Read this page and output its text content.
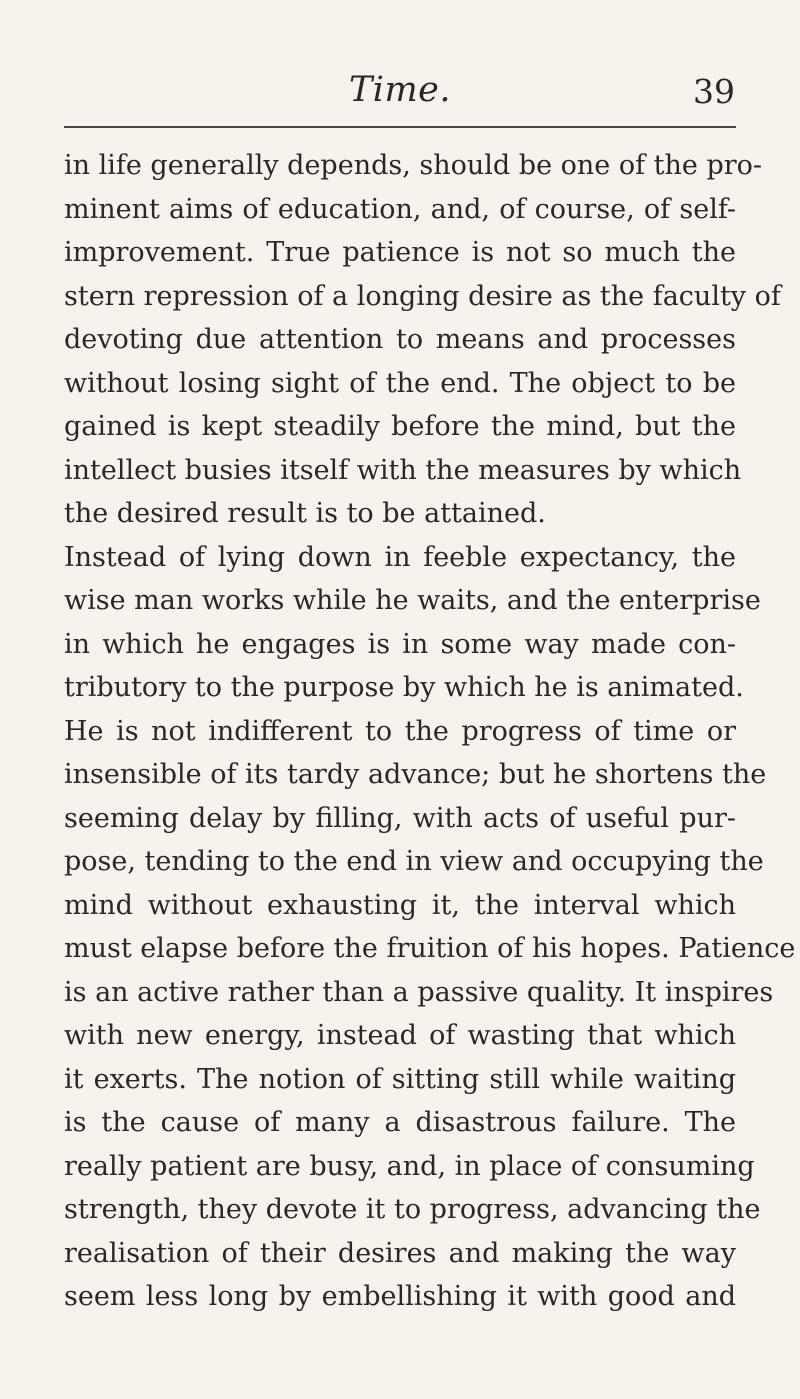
Time.	39
in life generally depends, should be one of the pro-
minent aims of education, and, of course, of self-
improvement. True patience is not so much the
stern repression of a longing desire as the faculty of
devoting due attention to means and processes
without losing sight of the end. The object to be
gained is kept steadily before the mind, but the
intellect busies itself with the measures by which
the desired result is to be attained.
Instead of lying down in feeble expectancy, the
wise man works while he waits, and the enterprise
in which he engages is in some way made con-
tributory to the purpose by which he is animated.
He is not indifferent to the progress of time or
insensible of its tardy advance; but he shortens the
seeming delay by filling, with acts of useful pur-
pose, tending to the end in view and occupying the
mind without exhausting it, the interval which
must elapse before the fruition of his hopes. Patience
is an active rather than a passive quality. It inspires
with new energy, instead of wasting that which
it exerts. The notion of sitting still while waiting
is the cause of many a disastrous failure. The
really patient are busy, and, in place of consuming
strength, they devote it to progress, advancing the
realisation of their desires and making the way
seem less long by embellishing it with good and
